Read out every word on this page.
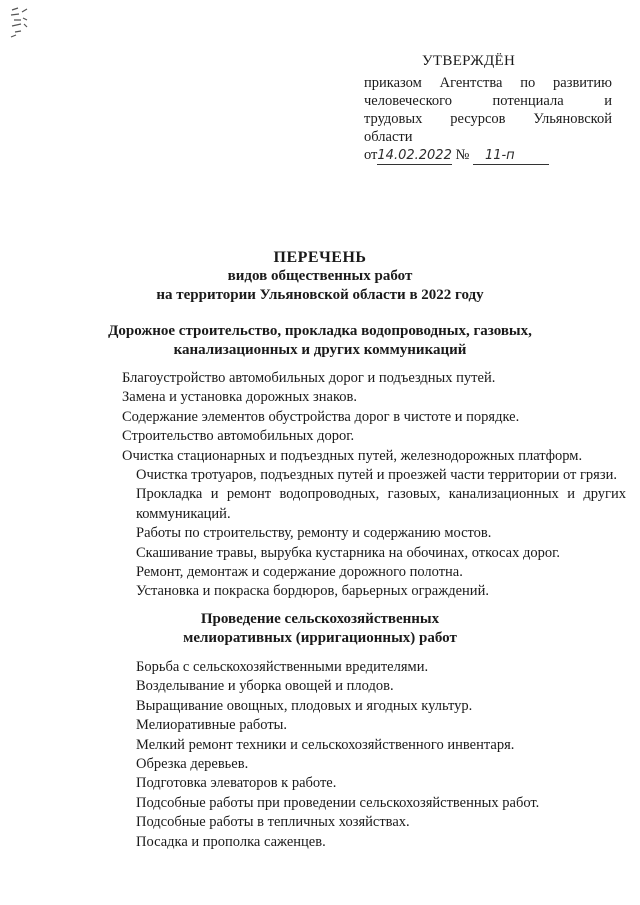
УТВЕРЖДЁН
приказом Агентства по развитию
человеческого потенциала и
трудовых ресурсов Ульяновской
области
от14.02.2022 № 11-п
ПЕРЕЧЕНЬ
видов общественных работ
на территории Ульяновской области в 2022 году
Дорожное строительство, прокладка водопроводных, газовых,
канализационных и других коммуникаций
Благоустройство автомобильных дорог и подъездных путей.
Замена и установка дорожных знаков.
Содержание элементов обустройства дорог в чистоте и порядке.
Строительство автомобильных дорог.
Очистка стационарных и подъездных путей, железнодорожных платформ.
Очистка тротуаров, подъездных путей и проезжей части территории от грязи.
Прокладка и ремонт водопроводных, газовых, канализационных и других коммуникаций.
Работы по строительству, ремонту и содержанию мостов.
Скашивание травы, вырубка кустарника на обочинах, откосах дорог.
Ремонт, демонтаж и содержание дорожного полотна.
Установка и покраска бордюров, барьерных ограждений.
Проведение сельскохозяйственных
мелиоративных (ирригационных) работ
Борьба с сельскохозяйственными вредителями.
Возделывание и уборка овощей и плодов.
Выращивание овощных, плодовых и ягодных культур.
Мелиоративные работы.
Мелкий ремонт техники и сельскохозяйственного инвентаря.
Обрезка деревьев.
Подготовка элеваторов к работе.
Подсобные работы при проведении сельскохозяйственных работ.
Подсобные работы в тепличных хозяйствах.
Посадка и прополка саженцев.
